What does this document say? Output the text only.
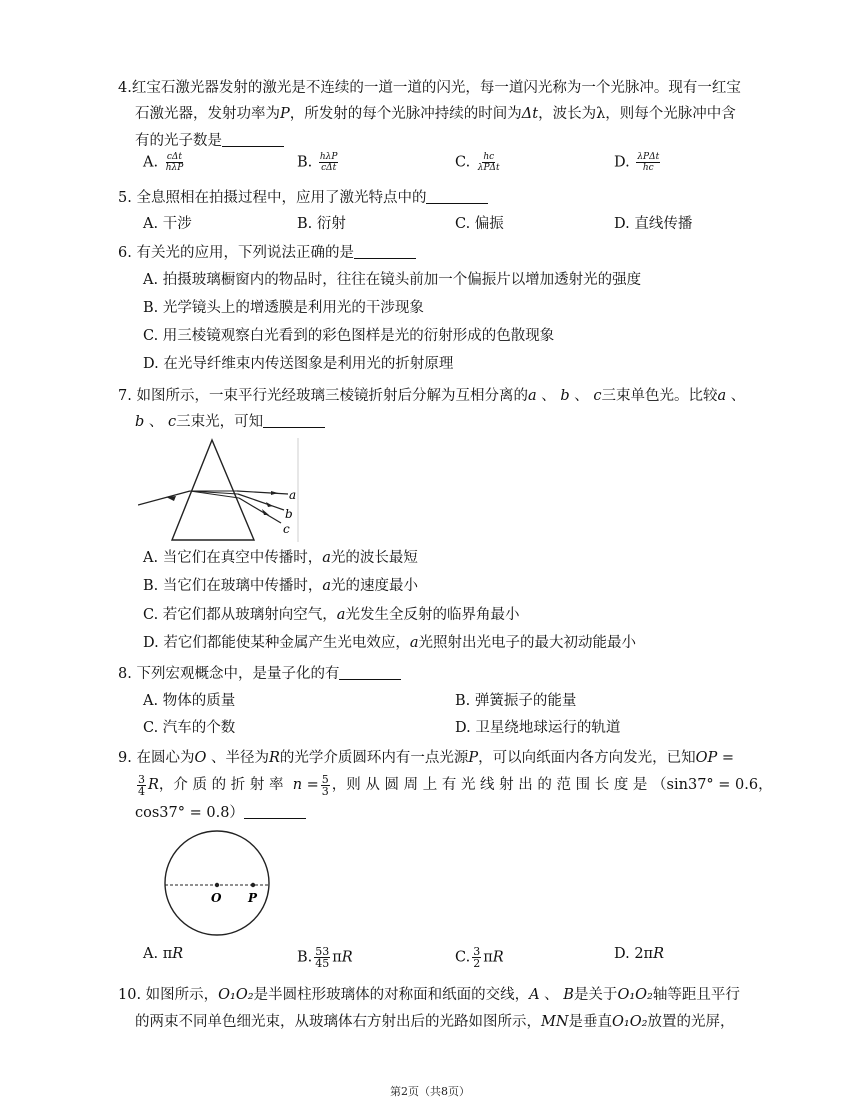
4.红宝石激光器发射的激光是不连续的一道一道的闪光，每一道闪光称为一个光脉冲。现有一红宝
石激光器，发射功率为P，所发射的每个光脉冲持续的时间为Δt，波长为λ，则每个光脉冲中含
有的光子数是
A. $\frac{\text{cΔt}}{\text{hλP}}$	B. $\frac{\text{hλP}}{\text{cΔt}}$	C. $\frac{hc}{\text{λPΔt}}$	D. $\frac{\text{λPΔt}}{hc}$
5. 全息照相在拍摄过程中，应用了激光特点中的
A. 干涉	B. 衍射	C. 偏振	D. 直线传播
6. 有关光的应用，下列说法正确的是
A. 拍摄玻璃橱窗内的物品时，往往在镜头前加一个偏振片以增加透射光的强度
B. 光学镜头上的增透膜是利用光的干涉现象
C. 用三棱镜观察白光看到的彩色图样是光的衍射形成的色散现象
D. 在光导纤维束内传送图象是利用光的折射原理
7. 如图所示，一束平行光经玻璃三棱镜折射后分解为互相分离的a 、 b 、 c三束单色光。比较a 、
b 、 c三束光，可知
a
b
c
A. 当它们在真空中传播时，a光的波长最短
B. 当它们在玻璃中传播时，a光的速度最小
C. 若它们都从玻璃射向空气，a光发生全反射的临界角最小
D. 若它们都能使某种金属产生光电效应，a光照射出光电子的最大初动能最小
8. 下列宏观概念中，是量子化的有
A. 物体的质量	B. 弹簧振子的能量
C. 汽车的个数	D. 卫星绕地球运行的轨道
9. 在圆心为O 、半径为R的光学介质圆环内有一点光源P，可以向纸面内各方向发光，已知OP =
$\frac{3}{4}$ R，介 质 的 折 射 率 $n = \frac{5}{3}$ ，则 从 圆 周 上 有 光 线 射 出 的 范 围 长 度 是 （sin37° = 0.6，
cos37° = 0.8）
O P
A. πR	B. $\frac{53}{45}$ πR	C. $\frac{3}{2}$ πR	D. 2πR
10. 如图所示，O₁O₂是半圆柱形玻璃体的对称面和纸面的交线，A 、 B是关于O₁O₂轴等距且平行
的两束不同单色细光束，从玻璃体右方射出后的光路如图所示，MN是垂直O₁O₂放置的光屏，
第2页（共8页）
